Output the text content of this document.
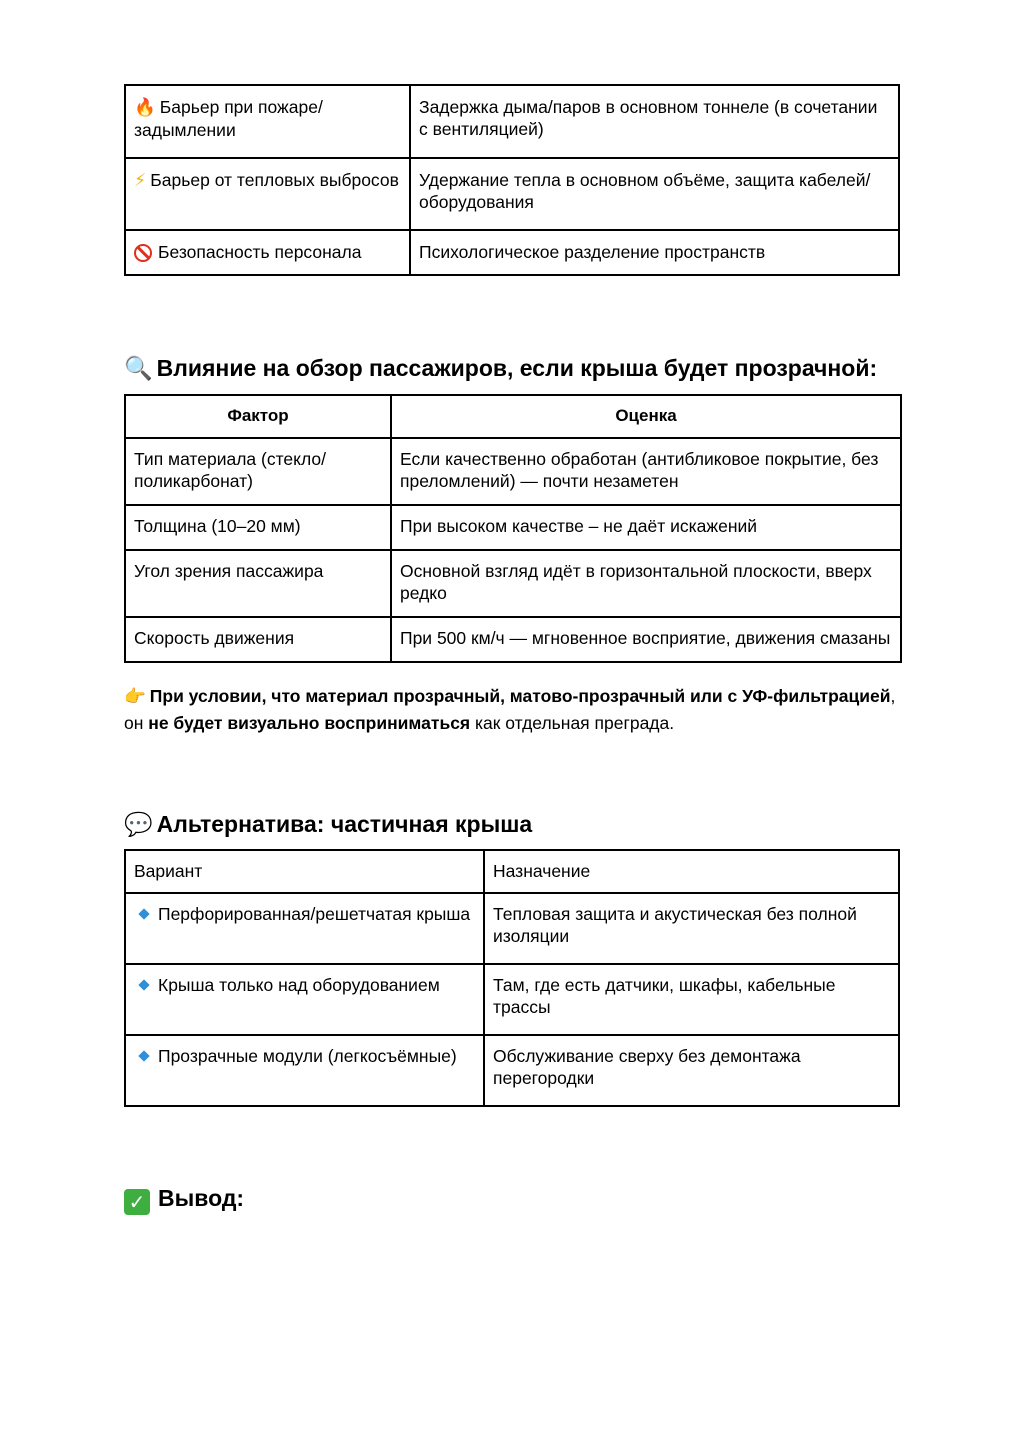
🔥 Барьер при пожаре/задымлении	Задержка дыма/паров в основном тоннеле (в сочетании с вентиляцией)
⚡ Барьер от тепловых выбросов	Удержание тепла в основном объёме, защита кабелей/оборудования
Безопасность персонала	Психологическое разделение пространств
🔍 Влияние на обзор пассажиров, если крыша будет прозрачной:
Фактор	Оценка
Тип материала (стекло/поликарбонат)	Если качественно обработан (антибликовое покрытие, без преломлений) — почти незаметен
Толщина (10–20 мм)	При высоком качестве – не даёт искажений
Угол зрения пассажира	Основной взгляд идёт в горизонтальной плоскости, вверх редко
Скорость движения	При 500 км/ч — мгновенное восприятие, движения смазаны

👉 При условии, что материал прозрачный, матово-прозрачный или с УФ-фильтрацией, он не будет визуально восприниматься как отдельная преграда.

💬 Альтернатива: частичная крыша
Вариант	Назначение
Перфорированная/решетчатая крыша	Тепловая защита и акустическая без полной изоляции
Крыша только над оборудованием	Там, где есть датчики, шкафы, кабельные трассы
Прозрачные модули (легкосъёмные)	Обслуживание сверху без демонтажа перегородки
✓ Вывод:
